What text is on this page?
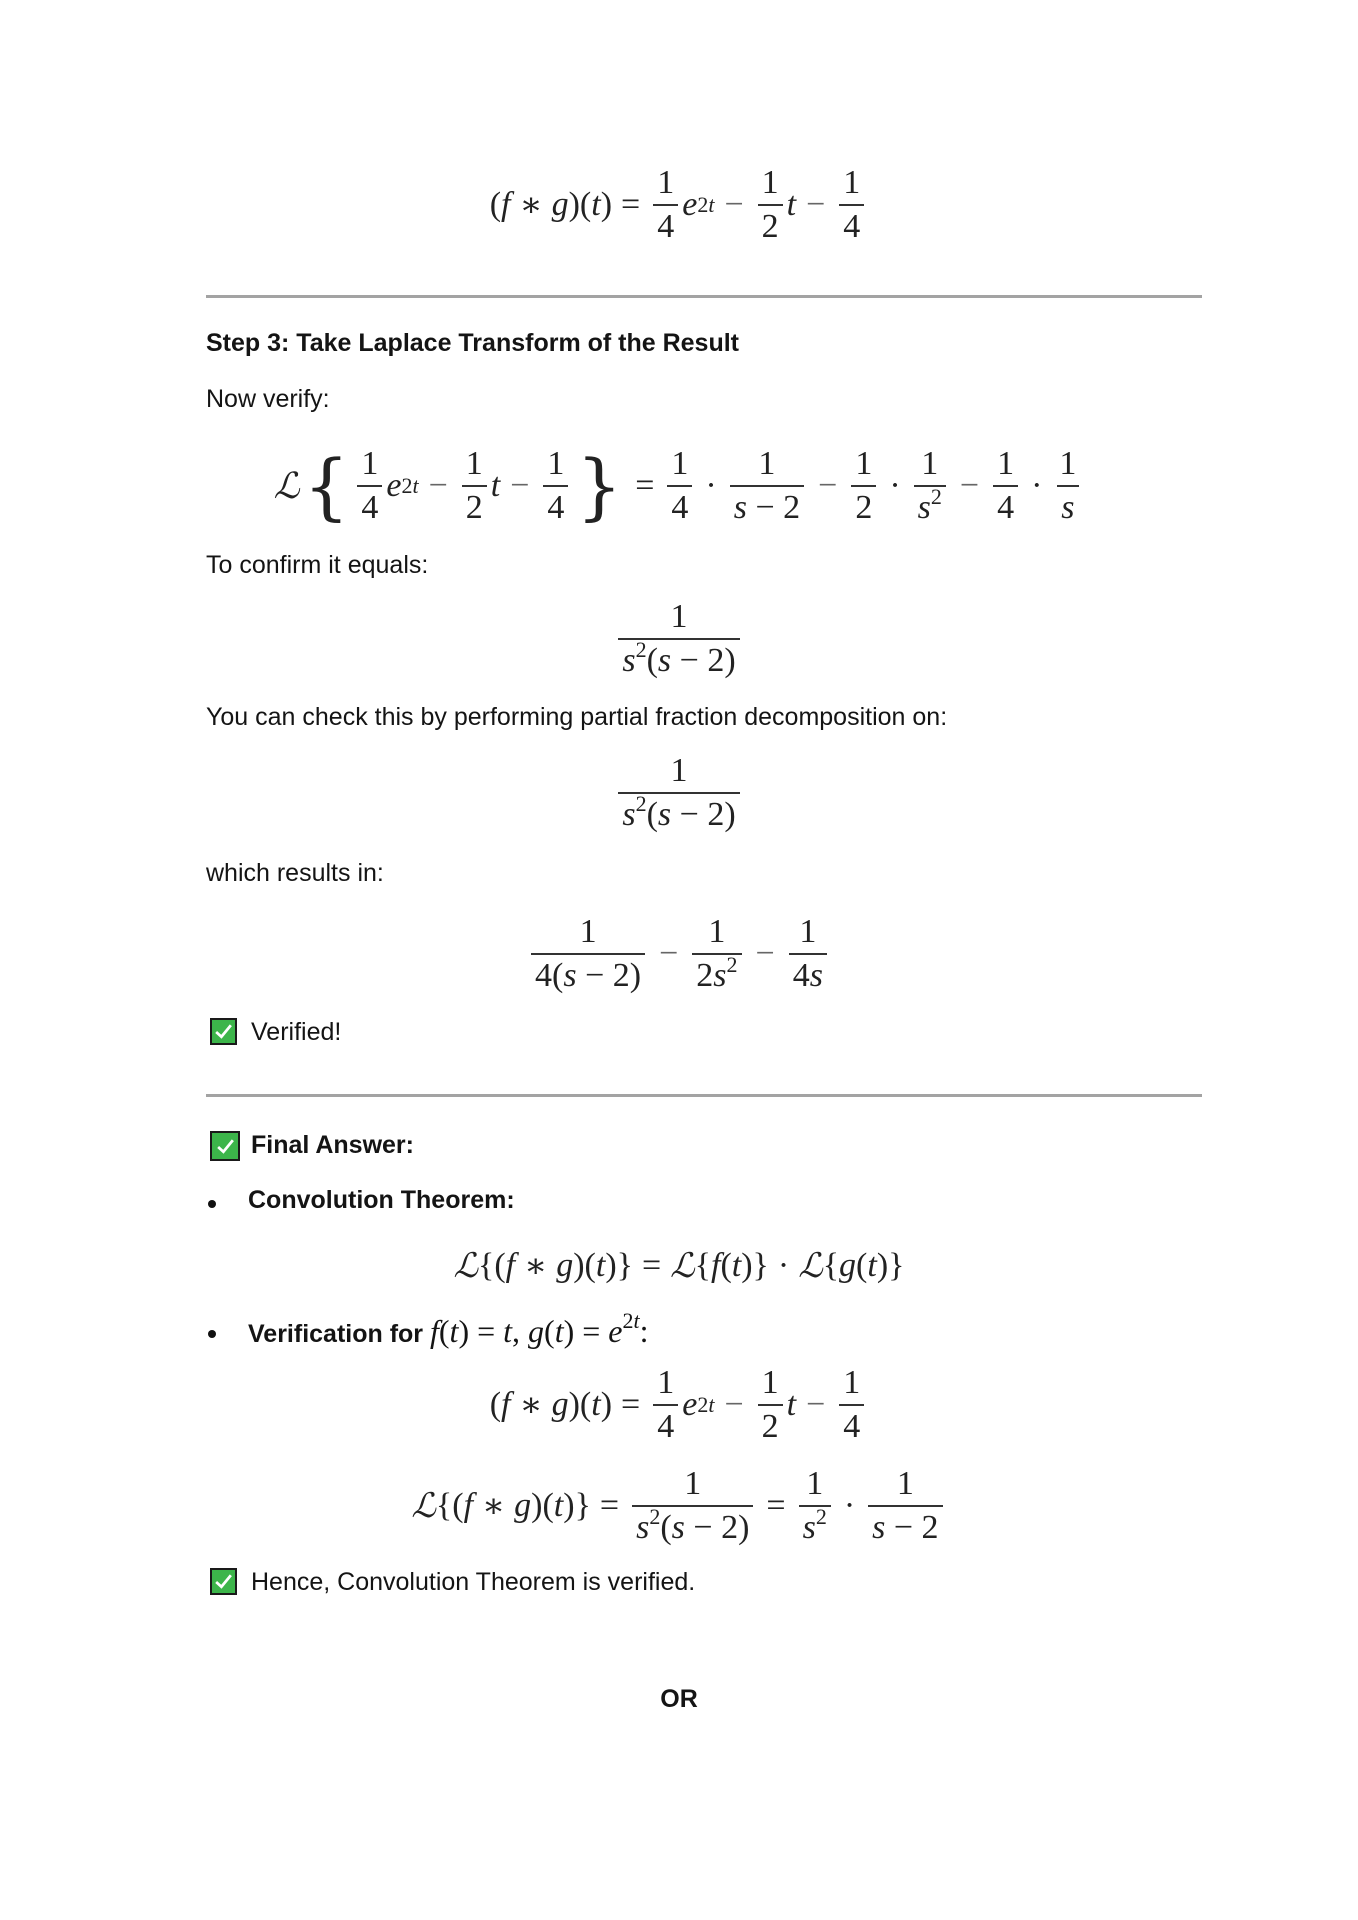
( f ∗ g )( t ) = $\frac{1}{4}$ e $2t - \frac{1}{2}$ $t - \frac{1}{4}$
Step 3: Take Laplace Transform of the Result
Now verify:
ℒ { $\frac{1}{4}$ e $2t - \frac{1}{2}$ $t - \frac{1}{4}$ } = $\frac{1}{4} \cdot \frac{1}{s - 2} - \frac{1}{2} \cdot \frac{1}{s^2} - \frac{1}{4} \cdot \frac{1}{s}$
To confirm it equals:
$\frac{1}{s^2(s - 2)}$
You can check this by performing partial fraction decomposition on:
$\frac{1}{s^2(s - 2)}$
which results in:
$\frac{1}{4(s - 2)} - \frac{1}{2s^2} - \frac{1}{4s}$
Verified!
Final Answer:
Convolution Theorem:
ℒ {( f ∗ g )( t )} = ℒ { f ( t )} · ℒ { g ( t )}
Verification for f(t) = t, $g(t) = e^{2t}$:
( f ∗ g )( t ) = $\frac{1}{4}$ e $2t - \frac{1}{2}$ $t - \frac{1}{4}$
ℒ {( f ∗ g )( t )} = $\frac{1}{s^2(s - 2)} = \frac{1}{s^2} \cdot \frac{1}{s - 2}$
Hence, Convolution Theorem is verified.
OR
